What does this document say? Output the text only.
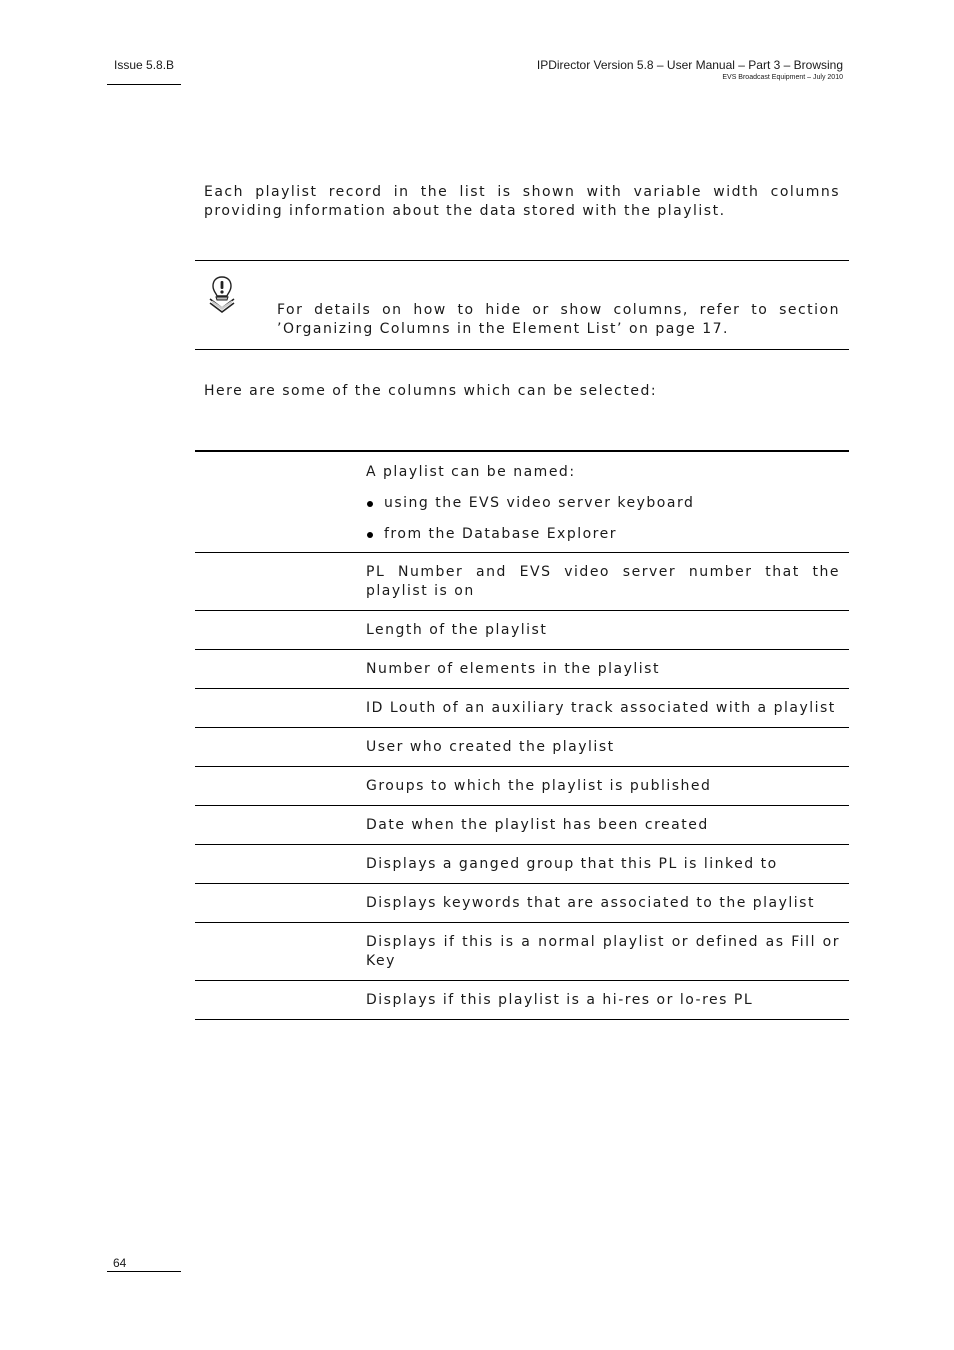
Issue 5.8.B	IPDirector Version 5.8 – User Manual – Part 3 – Browsing
EVS Broadcast Equipment – July 2010

Each playlist record in the list is shown with variable width columns providing information about the data stored with the playlist.

For details on how to hide or show columns, refer to section ’Organizing Columns in the Element List’ on page 17.

Here are some of the columns which can be selected:

A playlist can be named:
using the EVS video server keyboard
from the Database Explorer
PL Number and EVS video server number that the playlist is on
Length of the playlist
Number of elements in the playlist
ID Louth of an auxiliary track associated with a playlist
User who created the playlist
Groups to which the playlist is published
Date when the playlist has been created
Displays a ganged group that this PL is linked to
Displays keywords that are associated to the playlist
Displays if this is a normal playlist or defined as Fill or Key
Displays if this playlist is a hi-res or lo-res PL
64
